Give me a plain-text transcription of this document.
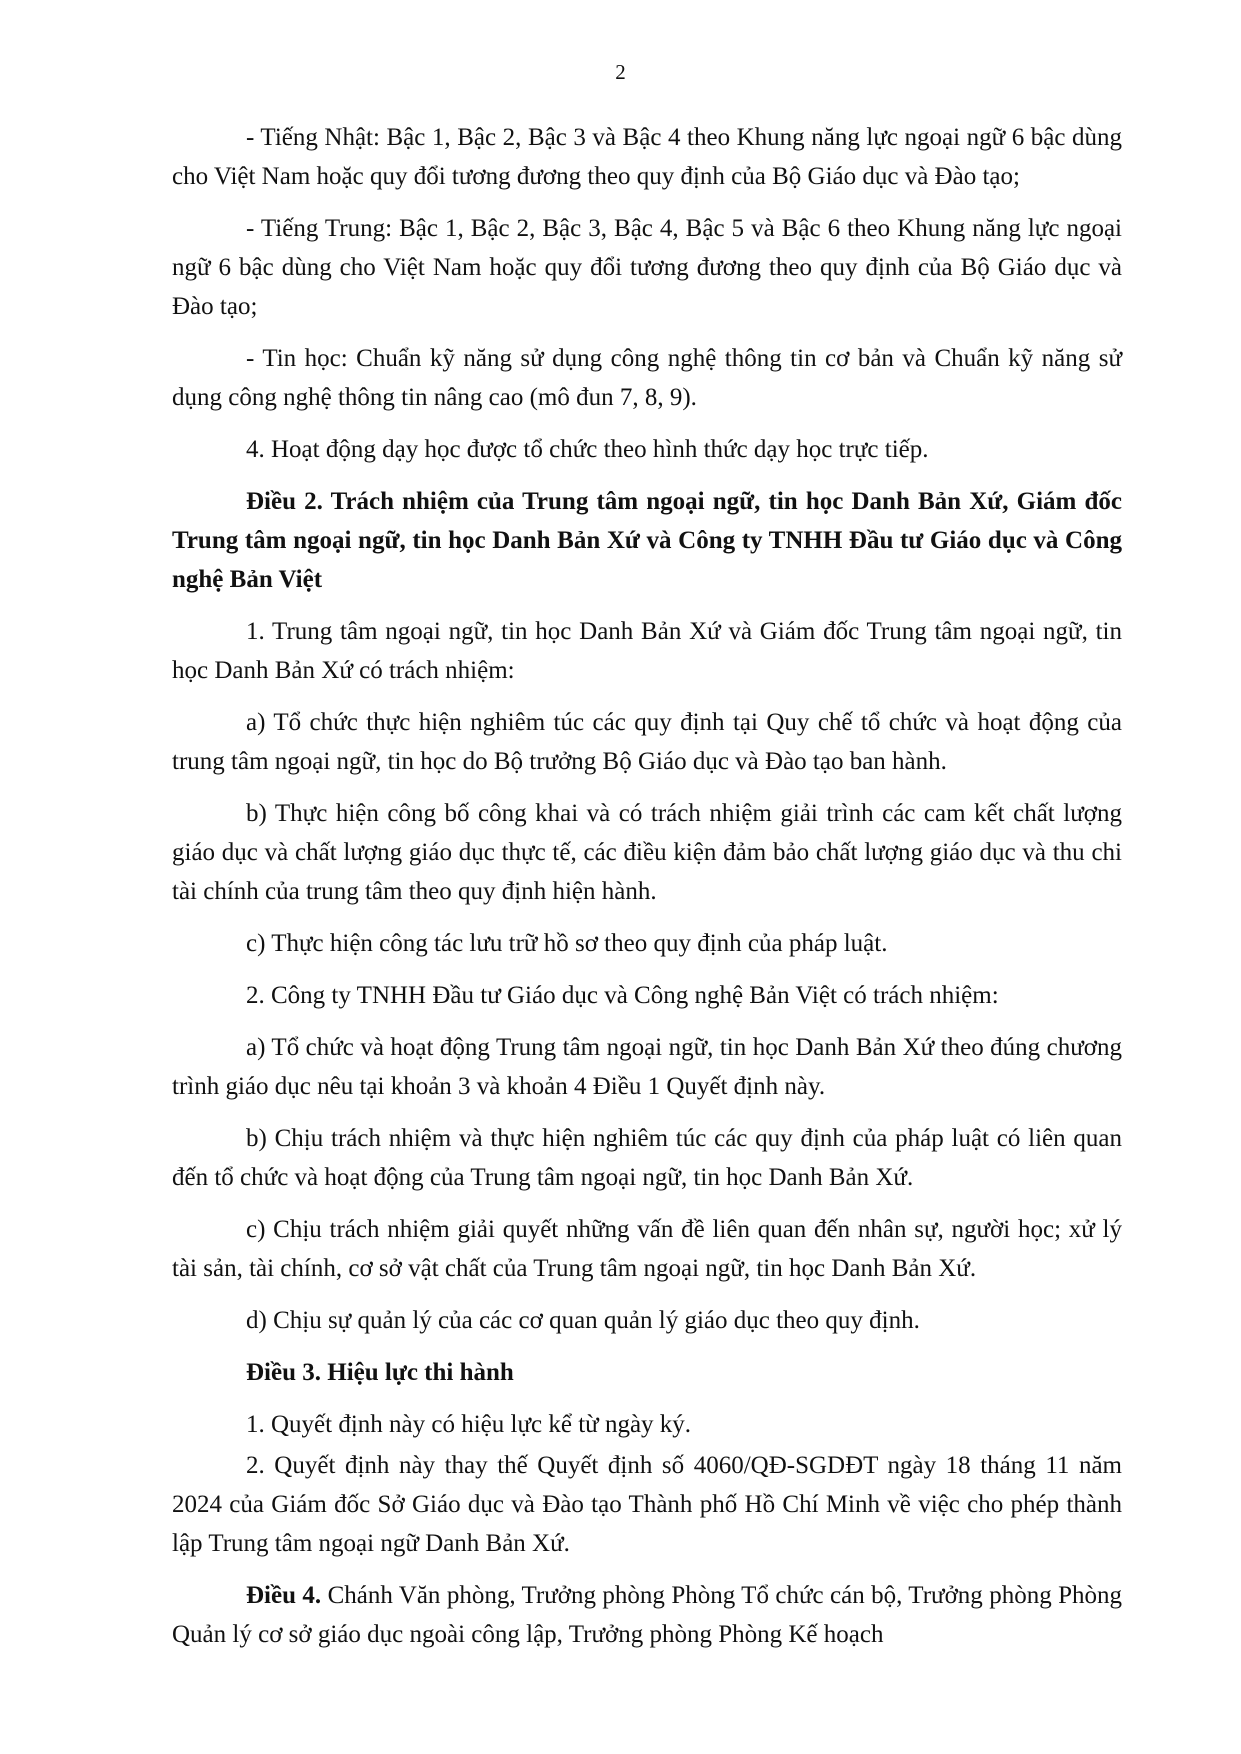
2

- Tiếng Nhật: Bậc 1, Bậc 2, Bậc 3 và Bậc 4 theo Khung năng lực ngoại ngữ 6 bậc dùng cho Việt Nam hoặc quy đổi tương đương theo quy định của Bộ Giáo dục và Đào tạo;

- Tiếng Trung: Bậc 1, Bậc 2, Bậc 3, Bậc 4, Bậc 5 và Bậc 6 theo Khung năng lực ngoại ngữ 6 bậc dùng cho Việt Nam hoặc quy đổi tương đương theo quy định của Bộ Giáo dục và Đào tạo;

- Tin học: Chuẩn kỹ năng sử dụng công nghệ thông tin cơ bản và Chuẩn kỹ năng sử dụng công nghệ thông tin nâng cao (mô đun 7, 8, 9).

4. Hoạt động dạy học được tổ chức theo hình thức dạy học trực tiếp.

Điều 2. Trách nhiệm của Trung tâm ngoại ngữ, tin học Danh Bản Xứ, Giám đốc Trung tâm ngoại ngữ, tin học Danh Bản Xứ và Công ty TNHH Đầu tư Giáo dục và Công nghệ Bản Việt

1. Trung tâm ngoại ngữ, tin học Danh Bản Xứ và Giám đốc Trung tâm ngoại ngữ, tin học Danh Bản Xứ có trách nhiệm:

a) Tổ chức thực hiện nghiêm túc các quy định tại Quy chế tổ chức và hoạt động của trung tâm ngoại ngữ, tin học do Bộ trưởng Bộ Giáo dục và Đào tạo ban hành.

b) Thực hiện công bố công khai và có trách nhiệm giải trình các cam kết chất lượng giáo dục và chất lượng giáo dục thực tế, các điều kiện đảm bảo chất lượng giáo dục và thu chi tài chính của trung tâm theo quy định hiện hành.

c) Thực hiện công tác lưu trữ hồ sơ theo quy định của pháp luật.

2. Công ty TNHH Đầu tư Giáo dục và Công nghệ Bản Việt có trách nhiệm:

a) Tổ chức và hoạt động Trung tâm ngoại ngữ, tin học Danh Bản Xứ theo đúng chương trình giáo dục nêu tại khoản 3 và khoản 4 Điều 1 Quyết định này.

b) Chịu trách nhiệm và thực hiện nghiêm túc các quy định của pháp luật có liên quan đến tổ chức và hoạt động của Trung tâm ngoại ngữ, tin học Danh Bản Xứ.

c) Chịu trách nhiệm giải quyết những vấn đề liên quan đến nhân sự, người học; xử lý tài sản, tài chính, cơ sở vật chất của Trung tâm ngoại ngữ, tin học Danh Bản Xứ.

d) Chịu sự quản lý của các cơ quan quản lý giáo dục theo quy định.

Điều 3. Hiệu lực thi hành

1. Quyết định này có hiệu lực kể từ ngày ký.

2. Quyết định này thay thế Quyết định số 4060/QĐ-SGDĐT ngày 18 tháng 11 năm 2024 của Giám đốc Sở Giáo dục và Đào tạo Thành phố Hồ Chí Minh về việc cho phép thành lập Trung tâm ngoại ngữ Danh Bản Xứ.

Điều 4. Chánh Văn phòng, Trưởng phòng Phòng Tổ chức cán bộ, Trưởng phòng Phòng Quản lý cơ sở giáo dục ngoài công lập, Trưởng phòng Phòng Kế hoạch
